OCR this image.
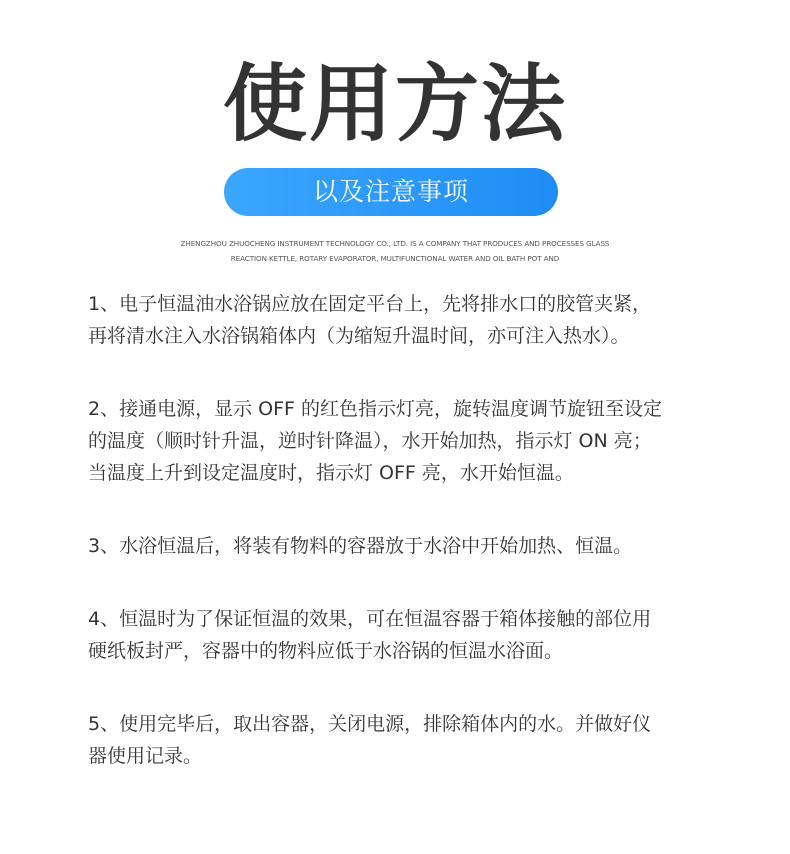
使用方法
以及注意事项
ZHENGZHOU ZHUOCHENG INSTRUMENT TECHNOLOGY CO., LTD. IS A COMPANY THAT PRODUCES AND PROCESSES GLASS
REACTION KETTLE, ROTARY EVAPORATOR, MULTIFUNCTIONAL WATER AND OIL BATH POT AND
1、电子恒温油水浴锅应放在固定平台上，先将排水口的胶管夹紧，
再将清水注入水浴锅箱体内（为缩短升温时间，亦可注入热水）。
2、接通电源，显示 OFF 的红色指示灯亮，旋转温度调节旋钮至设定
的温度（顺时针升温，逆时针降温），水开始加热，指示灯 ON 亮；
当温度上升到设定温度时，指示灯 OFF 亮，水开始恒温。
3、水浴恒温后，将装有物料的容器放于水浴中开始加热、恒温。
4、恒温时为了保证恒温的效果，可在恒温容器于箱体接触的部位用
硬纸板封严，容器中的物料应低于水浴锅的恒温水浴面。
5、使用完毕后，取出容器，关闭电源，排除箱体内的水。并做好仪
器使用记录。
